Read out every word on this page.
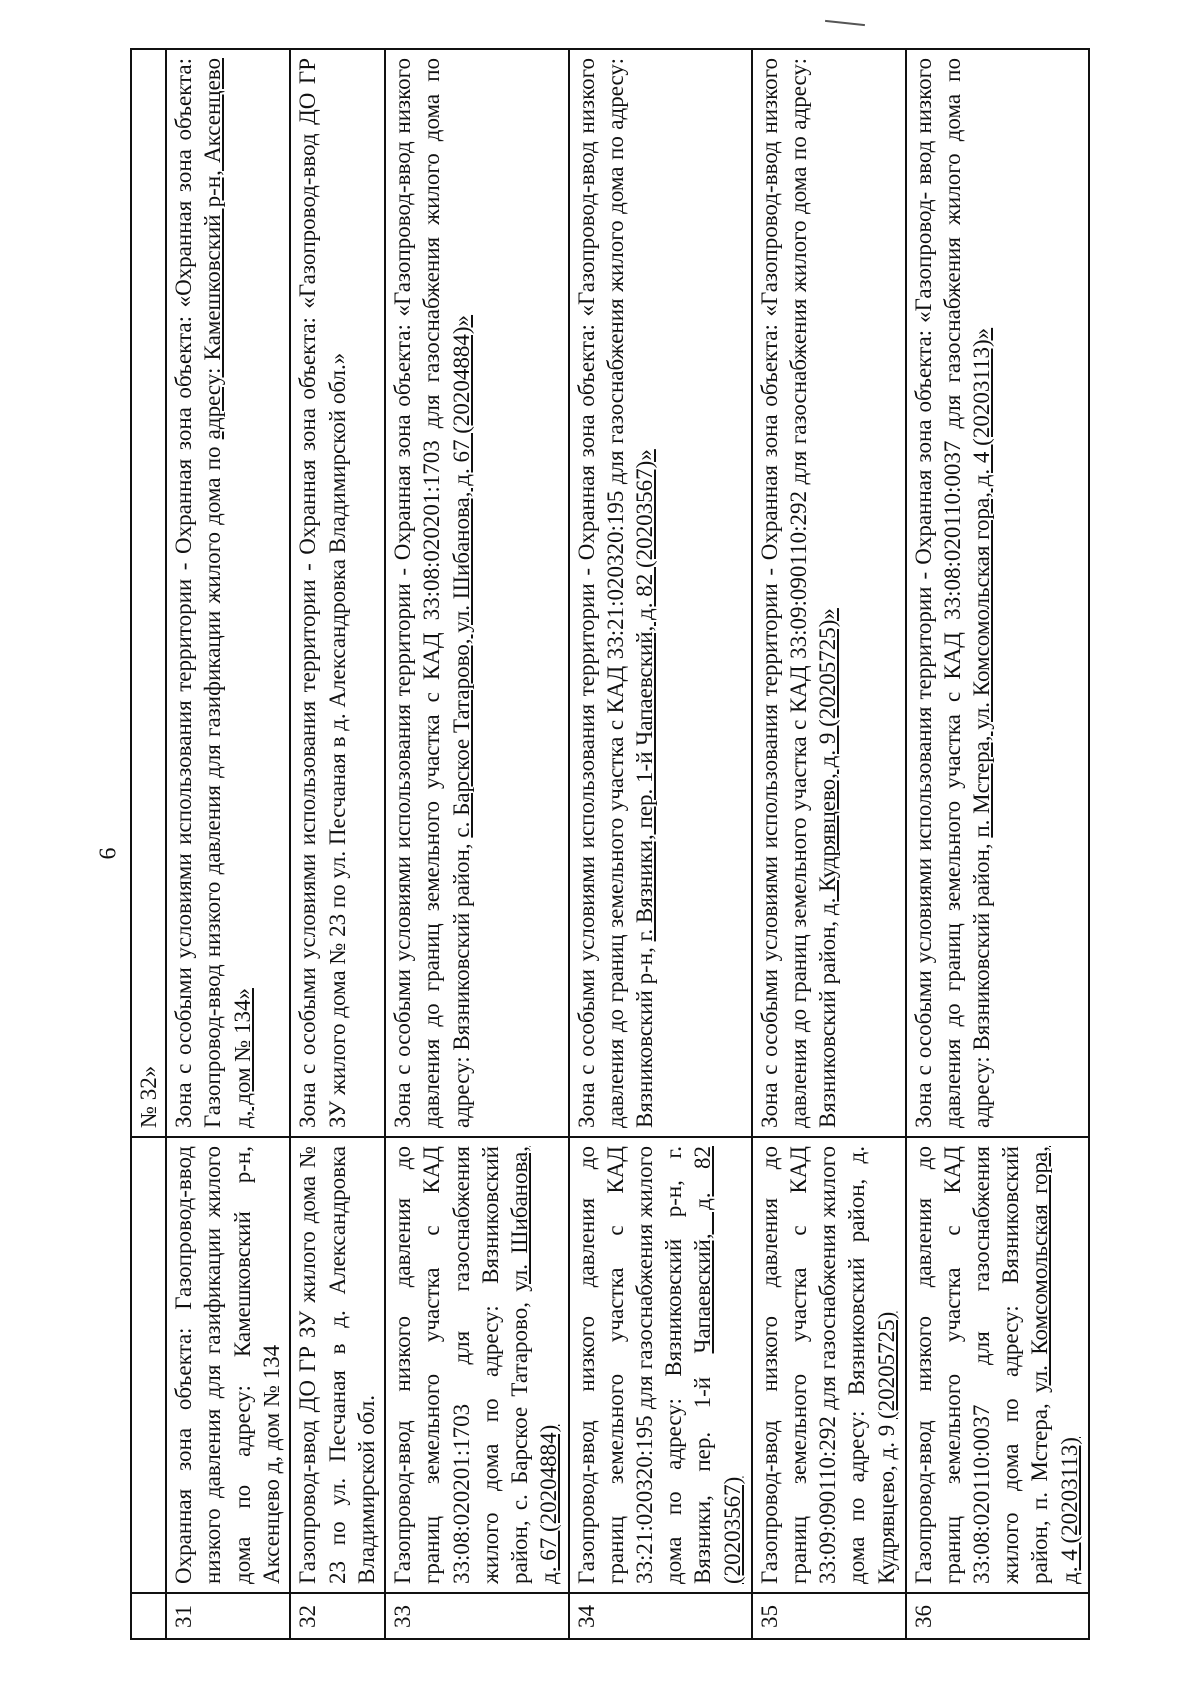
6
		№ 32»
31	Охранная зона объекта: Газопровод-ввод низкого давления для газификации жилого дома по адресу: Камешковский р-н, Аксенцево д, дом № 134	Зона с особыми условиями использования территории - Охранная зона объекта: «Охранная зона объекта: Газопровод-ввод низкого давления для газификации жилого дома по адресу: Камешковский р-н, Аксенцево д, дом № 134»
32	Газопровод-ввод ДО ГР ЗУ жилого дома № 23 по ул. Песчаная в д. Александровка Владимирской обл.	Зона с особыми условиями использования территории - Охранная зона объекта: «Газопровод-ввод ДО ГР ЗУ жилого дома № 23 по ул. Песчаная в д. Александровка Владимирской обл.»
33	Газопровод-ввод низкого давления до границ земельного участка с КАД 33:08:020201:1703 для газоснабжения жилого дома по адресу: Вязниковский район, с. Барское Татарово, ул. Шибанова, д. 67 (20204884)	Зона с особыми условиями использования территории - Охранная зона объекта: «Газопровод-ввод низкого давления до границ земельного участка с КАД 33:08:020201:1703 для газоснабжения жилого дома по адресу: Вязниковский район, с. Барское Татарово, ул. Шибанова, д. 67 (20204884)»
34	Газопровод-ввод низкого давления до границ земельного участка с КАД 33:21:020320:195 для газоснабжения жилого дома по адресу: Вязниковский р-н, г. Вязники, пер. 1-й Чапаевский, д. 82 (20203567)	Зона с особыми условиями использования территории - Охранная зона объекта: «Газопровод-ввод низкого давления до границ земельного участка с КАД 33:21:020320:195 для газоснабжения жилого дома по адресу: Вязниковский р-н, г. Вязники, пер. 1-й Чапаевский, д. 82 (20203567)»
35	Газопровод-ввод низкого давления до границ земельного участка с КАД 33:09:090110:292 для газоснабжения жилого дома по адресу: Вязниковский район, д. Кудрявцево, д. 9 (20205725)	Зона с особыми условиями использования территории - Охранная зона объекта: «Газопровод-ввод низкого давления до границ земельного участка с КАД 33:09:090110:292 для газоснабжения жилого дома по адресу: Вязниковский район, д. Кудрявцево, д. 9 (20205725)»
36	Газопровод-ввод низкого давления до границ земельного участка с КАД 33:08:020110:0037 для газоснабжения жилого дома по адресу: Вязниковский район, п. Мстера, ул. Комсомольская гора, д. 4 (20203113)	Зона с особыми условиями использования территории - Охранная зона объекта: «Газопровод- ввод низкого давления до границ земельного участка с КАД 33:08:020110:0037 для газоснабжения жилого дома по адресу: Вязниковский район, п. Мстера, ул. Комсомольская гора, д. 4 (20203113)»
